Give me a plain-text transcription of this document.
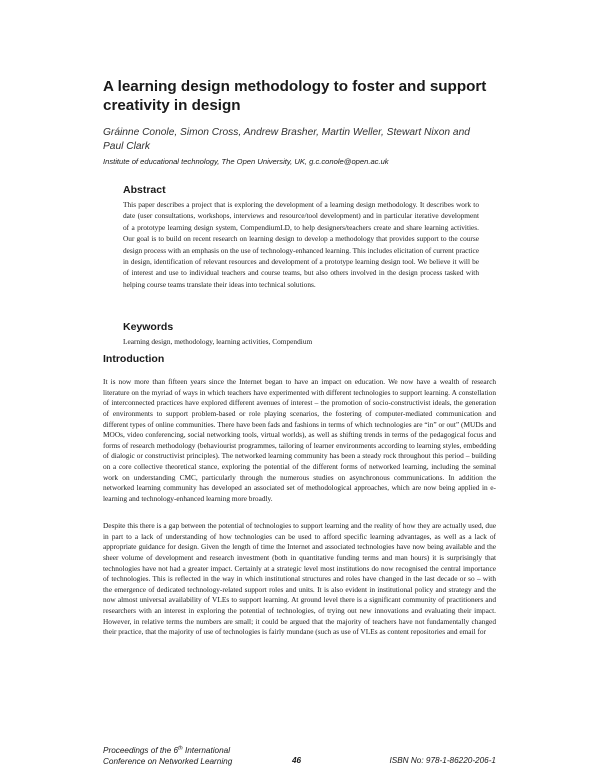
A learning design methodology to foster and support creativity in design

Gráinne Conole, Simon Cross, Andrew Brasher, Martin Weller, Stewart Nixon and Paul Clark

Institute of educational technology, The Open University, UK, g.c.conole@open.ac.uk

Abstract

This paper describes a project that is exploring the development of a learning design methodology. It describes work to date (user consultations, workshops, interviews and resource/tool development) and in particular iterative development of a prototype learning design system, CompendiumLD, to help designers/teachers create and share learning activities. Our goal is to build on recent research on learning design to develop a methodology that provides support to the course design process with an emphasis on the use of technology-enhanced learning. This includes elicitation of current practice in design, identification of relevant resources and development of a prototype learning design tool. We believe it will be of interest and use to individual teachers and course teams, but also others involved in the design process tasked with helping course teams translate their ideas into technical solutions.

Keywords

Learning design, methodology, learning activities, Compendium

Introduction

It is now more than fifteen years since the Internet began to have an impact on education. We now have a wealth of research literature on the myriad of ways in which teachers have experimented with different technologies to support learning. A constellation of interconnected practices have explored different avenues of interest – the promotion of socio-constructivist ideals, the generation of environments to support problem-based or role playing scenarios, the fostering of computer-mediated communication and different types of online communities. There have been fads and fashions in terms of which technologies are “in” or out” (MUDs and MOOs, video conferencing, social networking tools, virtual worlds), as well as shifting trends in terms of the pedagogical focus and forms of research methodology (behaviourist programmes, tailoring of learner environments according to learning styles, embedding of dialogic or constructivist principles). The networked learning community has been a steady rock throughout this period – building on a core collective theoretical stance, exploring the potential of the different forms of networked learning, including the seminal work on understanding CMC, particularly through the numerous studies on asynchronous communications. In addition the networked learning community has developed an associated set of methodological approaches, which are now being applied in e-learning and technology-enhanced learning more broadly.

Despite this there is a gap between the potential of technologies to support learning and the reality of how they are actually used, due in part to a lack of understanding of how technologies can be used to afford specific learning advantages, as well as a lack of appropriate guidance for design. Given the length of time the Internet and associated technologies have now being available and the sheer volume of development and research investment (both in quantitative funding terms and man hours) it is surprisingly that technologies have not had a greater impact. Certainly at a strategic level most institutions do now recognised the central importance of technologies. This is reflected in the way in which institutional structures and roles have changed in the last decade or so – with the emergence of dedicated technology-related support roles and units. It is also evident in institutional policy and strategy and the now almost universal availability of VLEs to support learning. At ground level there is a significant community of practitioners and researchers with an interest in exploring the potential of technologies, of trying out new innovations and evaluating their impact. However, in relative terms the numbers are small; it could be argued that the majority of teachers have not fundamentally changed their practice, that the majority of use of technologies is fairly mundane (such as use of VLEs as content repositories and email for

Proceedings of the 6th International
Conference on Networked Learning	46	ISBN No: 978-1-86220-206-1
